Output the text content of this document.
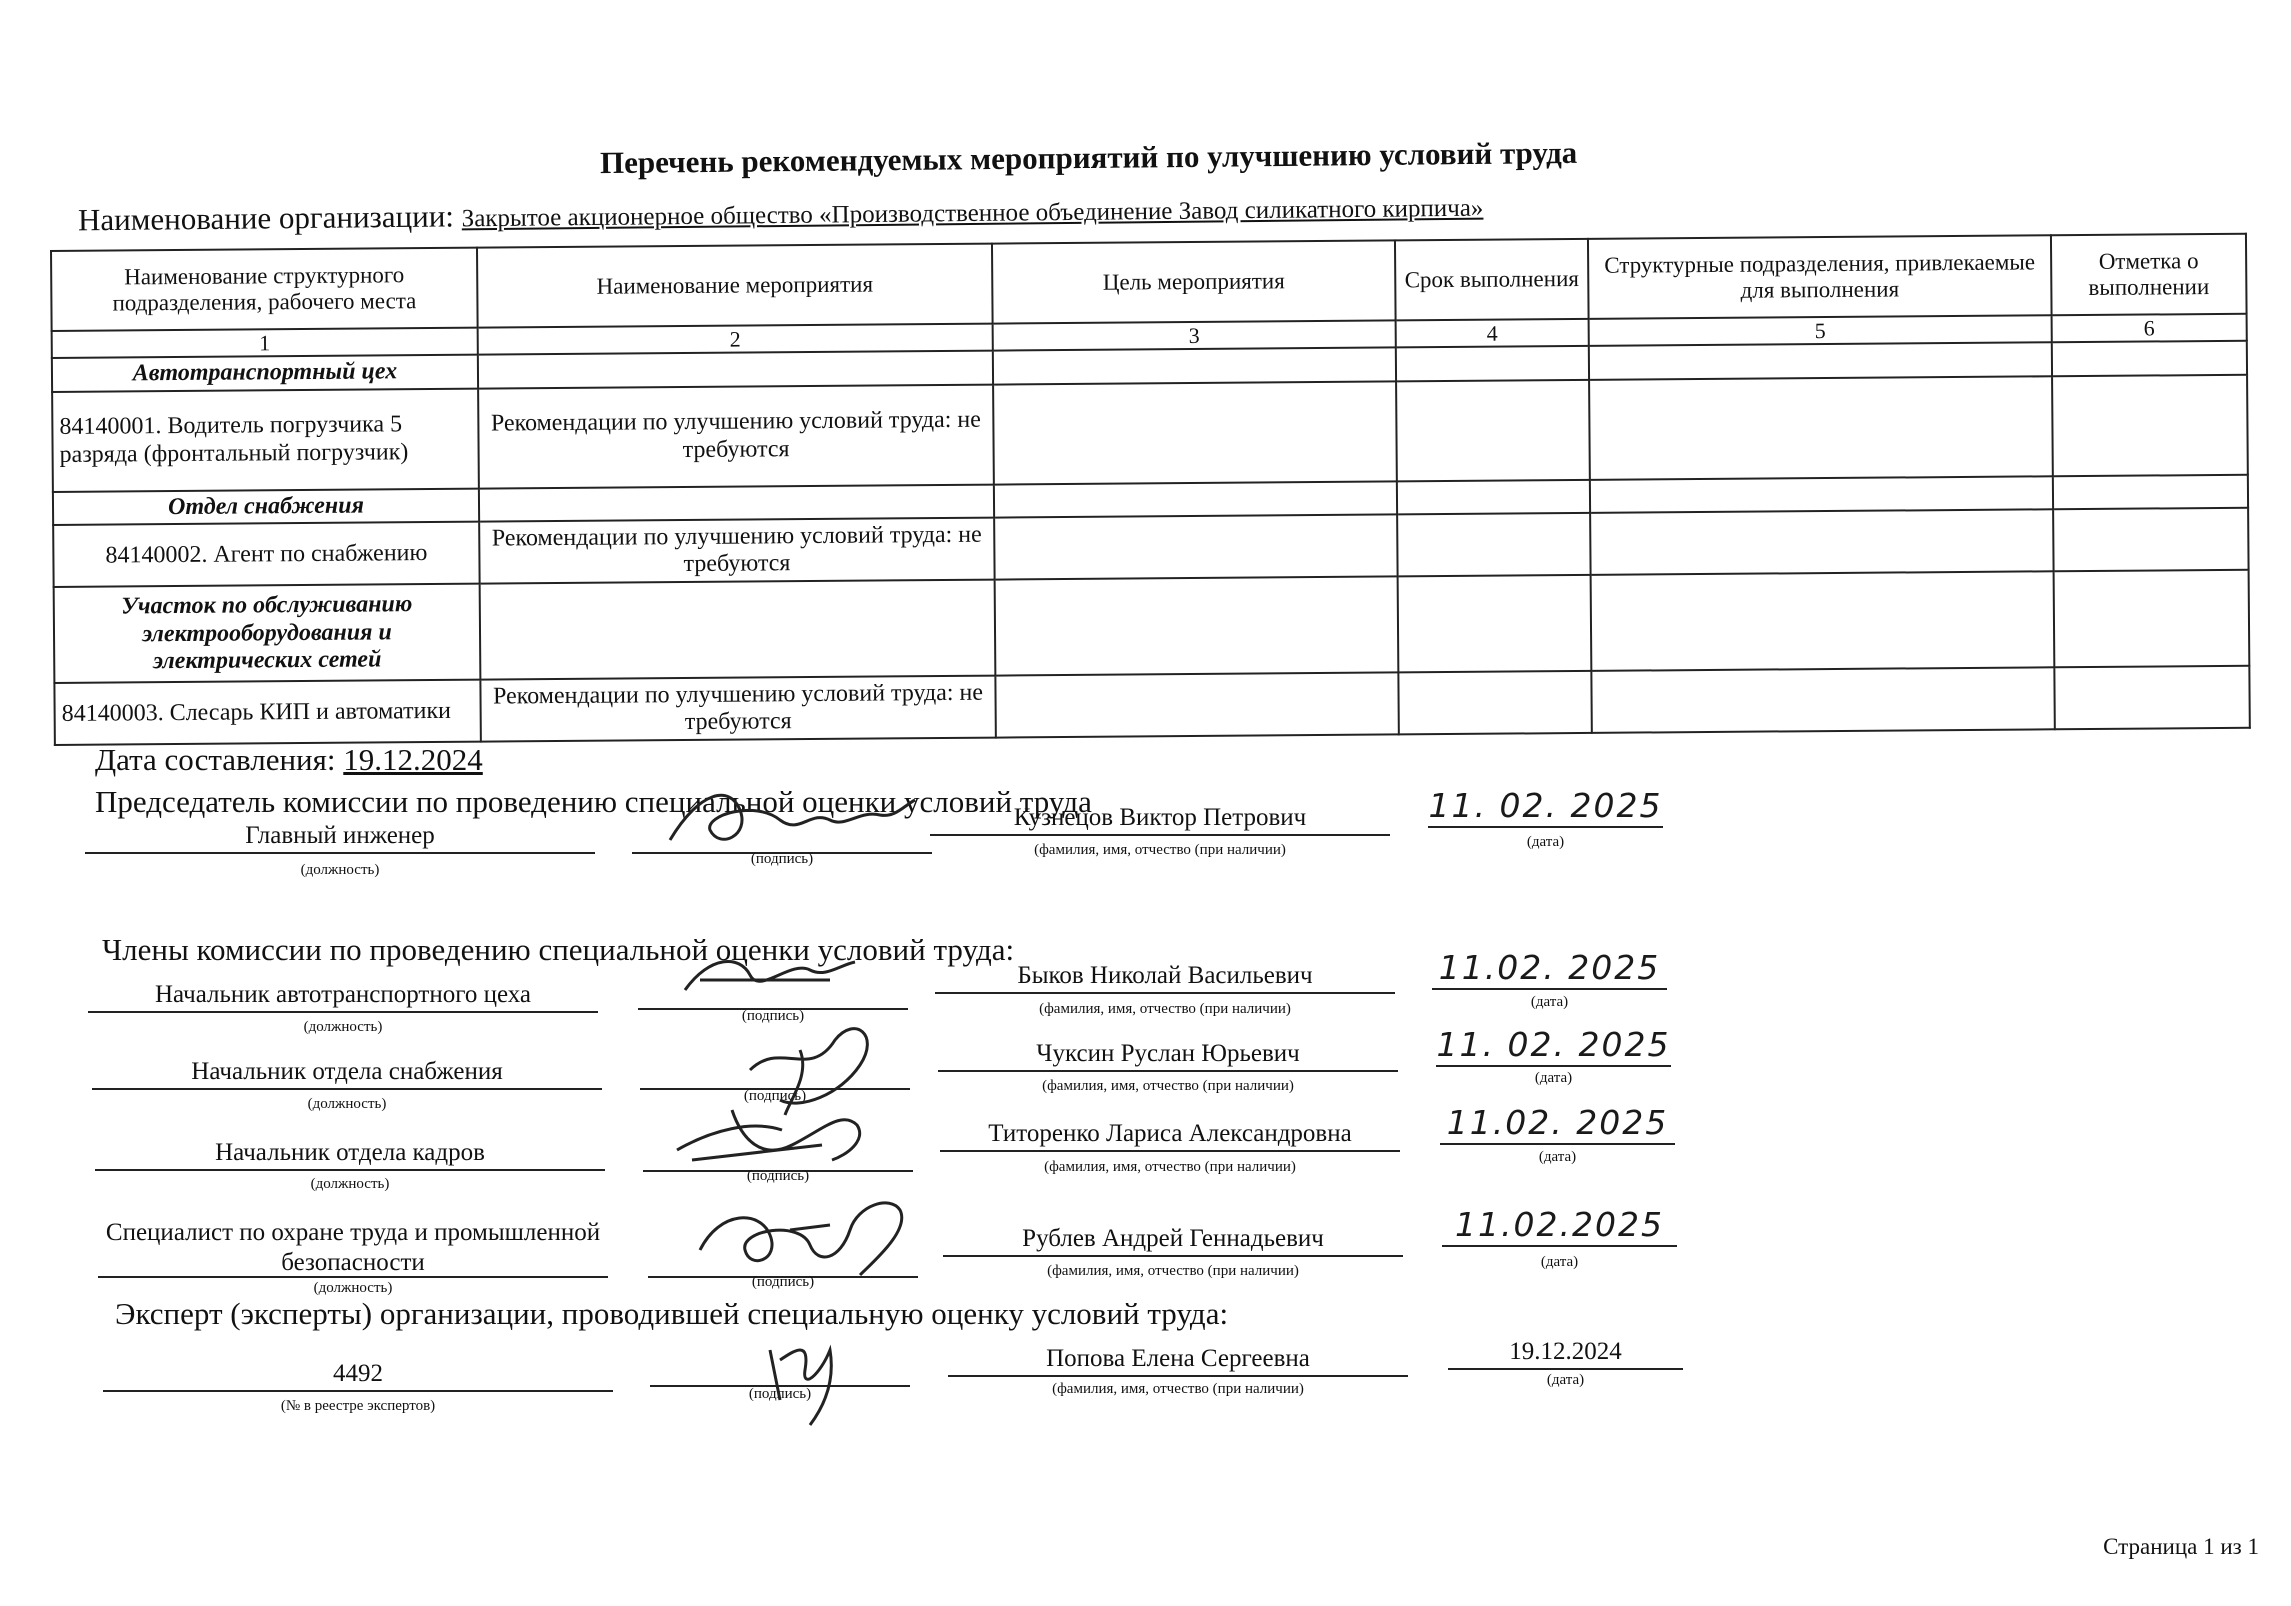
Перечень рекомендуемых мероприятий по улучшению условий труда
Наименование организации: Закрытое акционерное общество «Производственное объединение Завод силикатного кирпича»
Наименование структурного подразделения, рабочего места	Наименование мероприятия	Цель мероприятия	Срок выполнения	Структурные подразделения, привлекаемые для выполнения	Отметка о выполнении
1	2	3	4	5	6
Автотранспортный цех					
84140001. Водитель погрузчика 5 разряда (фронтальный погрузчик)	Рекомендации по улучшению условий труда: не требуются				
Отдел снабжения					
84140002. Агент по снабжению	Рекомендации по улучшению условий труда: не требуются				
Участок по обслуживанию электрооборудования и электрических сетей					
84140003. Слесарь КИП и автоматики	Рекомендации по улучшению условий труда: не требуются				
Дата составления: 19.12.2024
Председатель комиссии по проведению специальной оценки условий труда
Главный инженер
(должность)
(подпись)
Кузнецов Виктор Петрович
(фамилия, имя, отчество (при наличии)
11. 02. 2025
(дата)
Члены комиссии по проведению специальной оценки условий труда:
Начальник автотранспортного цеха
(должность)
(подпись)
Быков Николай Васильевич
(фамилия, имя, отчество (при наличии)
11.02. 2025
(дата)
Начальник отдела снабжения
(должность)	(подпись)
Чуксин Руслан Юрьевич
(фамилия, имя, отчество (при наличии)
11. 02. 2025
(дата)
Начальник отдела кадров
(должность)	(подпись)
Титоренко Лариса Александровна
(фамилия, имя, отчество (при наличии)
11.02. 2025
(дата)
Специалист по охране труда и промышленной безопасности
(должность)	(подпись)
Рублев Андрей Геннадьевич
(фамилия, имя, отчество (при наличии)
11.02.2025
(дата)
Эксперт (эксперты) организации, проводившей специальную оценку условий труда:
4492
(№ в реестре экспертов)
(подпись)
Попова Елена Сергеевна
(фамилия, имя, отчество (при наличии)
19.12.2024
(дата)
Страница 1 из 1
